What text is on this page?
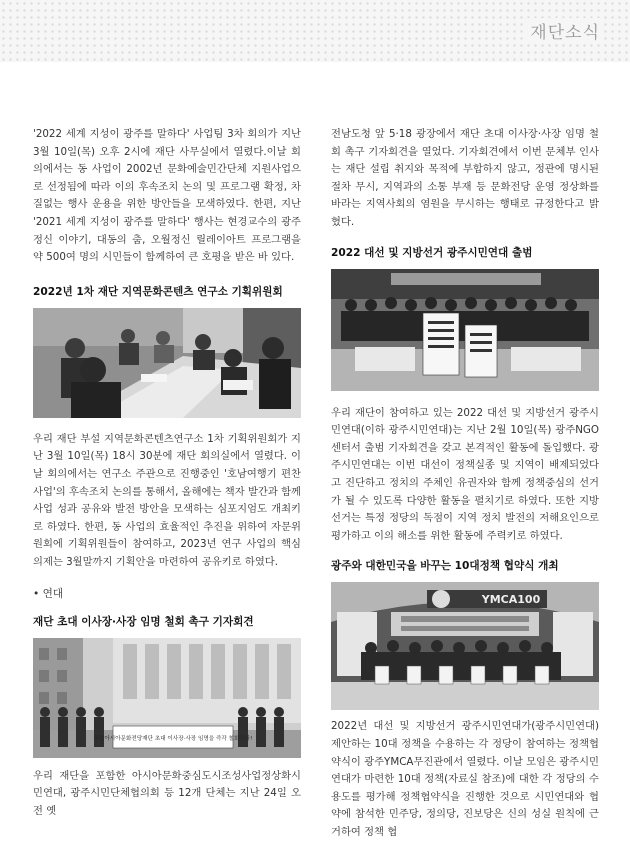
재단소식

'2022 세계 지성이 광주를 말하다' 사업팀 3차 회의가 지난 3월 10일(목) 오후 2시에 재단 사무실에서 열렸다.이날 회의에서는 동 사업이 2002년 문화예술민간단체 지원사업으로 선정됨에 따라 이의 후속조치 논의 및 프로그램 확정, 차질없는 행사 운용을 위한 방안들을 모색하였다. 한편, 지난 '2021 세계 지성이 광주를 말하다' 행사는 현경교수의 광주정신 이야기, 대동의 춤, 오월정신 릴레이아트 프로그램을 약 500여 명의 시민들이 함께하여 큰 호평을 받은 바 있다.

2022년 1차 재단 지역문화콘텐츠 연구소 기획위원회

우리 재단 부설 지역문화콘텐츠연구소 1차 기획위원회가 지난 3월 10일(목) 18시 30분에 재단 회의실에서 열렸다. 이날 회의에서는 연구소 주관으로 진행중인 '호남여행기 편찬사업'의 후속조치 논의를 통해서, 올해에는 책자 발간과 함께 사업 성과 공유와 발전 방안을 모색하는 심포지엄도 개최키로 하였다. 한편, 동 사업의 효율적인 추진을 위하여 자문위원회에 기획위원들이 참여하고, 2023년 연구 사업의 핵심 의제는 3월말까지 기획안을 마련하여 공유키로 하였다.

• 연대
재단 초대 이사장·사장 임명 철회 촉구 기자회견
국립아시아문화전당재단 초대 이사장·사장 임명을 즉각 철회하라!

우리 재단을 포함한 아시아문화중심도시조성사업정상화시민연대, 광주시민단체협의회 등 12개 단체는 지난 24일 오전 옛

전남도청 앞 5·18 광장에서 재단 초대 이사장·사장 임명 철회 촉구 기자회견을 열었다. 기자회견에서 이번 문체부 인사는 재단 설립 취지와 목적에 부합하지 않고, 정관에 명시된 절차 무시, 지역과의 소통 부재 등 문화전당 운영 정상화를 바라는 지역사회의 염원을 무시하는 행태로 규정한다고 밝혔다.

2022 대선 및 지방선거 광주시민연대 출범

우리 재단이 참여하고 있는 2022 대선 및 지방선거 광주시민연대(이하 광주시민연대)는 지난 2월 10일(목) 광주NGO센터서 출범 기자회견을 갖고 본격적인 활동에 돌입했다. 광주시민연대는 이번 대선이 정책실종 및 지역이 배제되었다고 진단하고 정치의 주체인 유권자와 함께 정책중심의 선거가 될 수 있도록 다양한 활동을 펼치기로 하였다. 또한 지방선거는 특정 정당의 독점이 지역 정치 발전의 저해요인으로 평가하고 이의 해소를 위한 활동에 주력키로 하였다.

광주와 대한민국을 바꾸는 10대정책 협약식 개최
YMCA100

2022년 대선 및 지방선거 광주시민연대가(광주시민연대) 제안하는 10대 정책을 수용하는 각 정당이 참여하는 정책협약식이 광주YMCA무진관에서 열렸다. 이날 모임은 광주시민연대가 마련한 10대 정책(자료실 참조)에 대한 각 정당의 수용도를 평가해 정책협약식을 진행한 것으로 시민연대와 협약에 참석한 민주당, 정의당, 진보당은 신의 성실 원칙에 근거하여 정책 협
